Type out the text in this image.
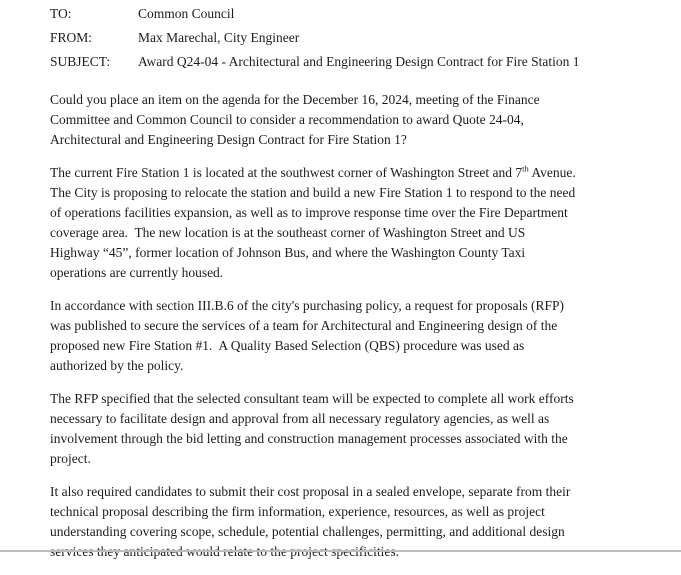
TO:	Common Council
FROM:	Max Marechal, City Engineer
SUBJECT:	Award Q24-04 - Architectural and Engineering Design Contract for Fire Station 1
Could you place an item on the agenda for the December 16, 2024, meeting of the Finance
Committee and Common Council to consider a recommendation to award Quote 24-04,
Architectural and Engineering Design Contract for Fire Station 1?
The current Fire Station 1 is located at the southwest corner of Washington Street and 7th Avenue.
The City is proposing to relocate the station and build a new Fire Station 1 to respond to the need
of operations facilities expansion, as well as to improve response time over the Fire Department
coverage area.  The new location is at the southeast corner of Washington Street and US
Highway “45”, former location of Johnson Bus, and where the Washington County Taxi
operations are currently housed.
In accordance with section III.B.6 of the city's purchasing policy, a request for proposals (RFP)
was published to secure the services of a team for Architectural and Engineering design of the
proposed new Fire Station #1.  A Quality Based Selection (QBS) procedure was used as
authorized by the policy.
The RFP specified that the selected consultant team will be expected to complete all work efforts
necessary to facilitate design and approval from all necessary regulatory agencies, as well as
involvement through the bid letting and construction management processes associated with the
project.
It also required candidates to submit their cost proposal in a sealed envelope, separate from their
technical proposal describing the firm information, experience, resources, as well as project
understanding covering scope, schedule, potential challenges, permitting, and additional design
